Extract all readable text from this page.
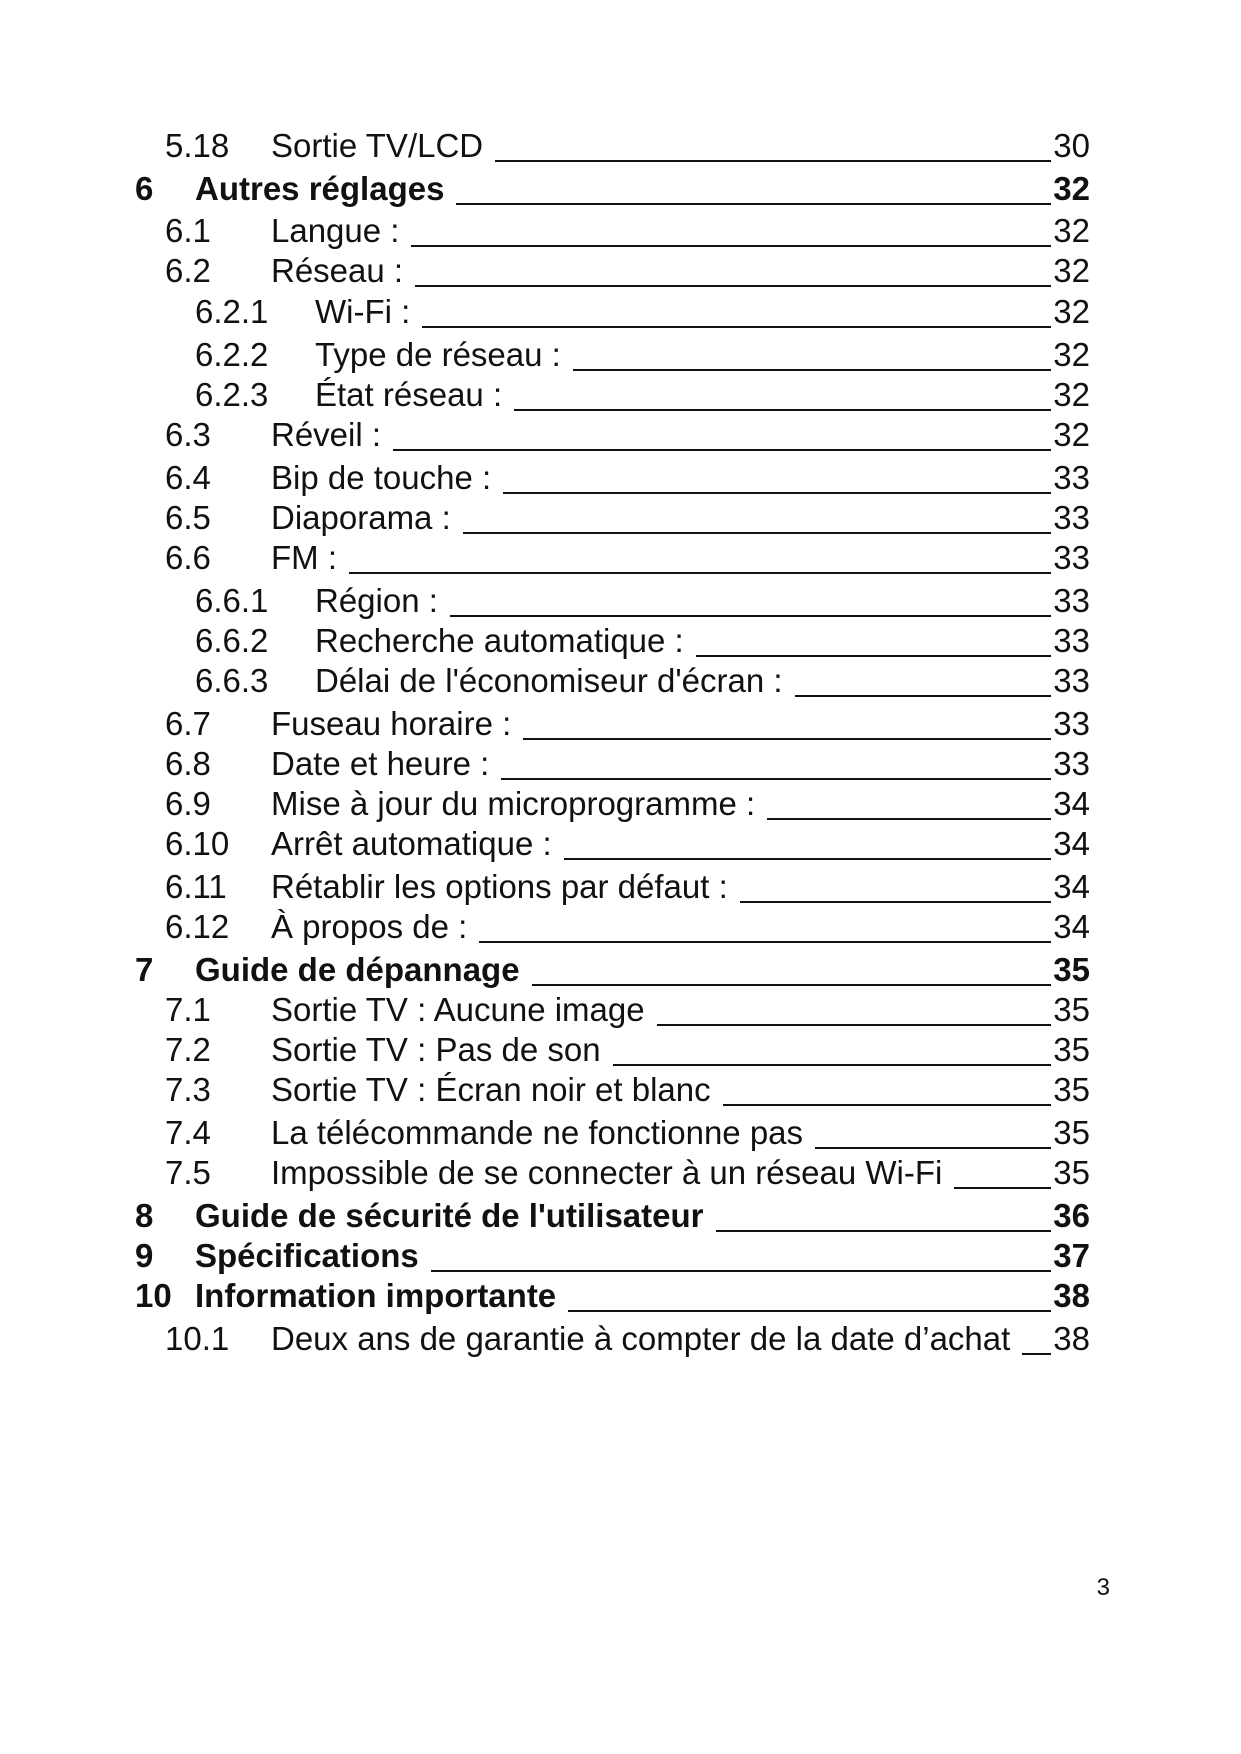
5.18 Sortie TV/LCD	30
6 Autres réglages	32
6.1 Langue :	32
6.2 Réseau :	32
6.2.1 Wi-Fi :	32
6.2.2 Type de réseau :	32
6.2.3 État réseau :	32
6.3 Réveil :	32
6.4 Bip de touche :	33
6.5 Diaporama :	33
6.6 FM :	33
6.6.1 Région :	33
6.6.2 Recherche automatique :	33
6.6.3 Délai de l'économiseur d'écran :	33
6.7 Fuseau horaire :	33
6.8 Date et heure :	33
6.9 Mise à jour du microprogramme :	34
6.10 Arrêt automatique :	34
6.11 Rétablir les options par défaut :	34
6.12 À propos de :	34
7 Guide de dépannage	35
7.1 Sortie TV : Aucune image	35
7.2 Sortie TV : Pas de son	35
7.3 Sortie TV : Écran noir et blanc	35
7.4 La télécommande ne fonctionne pas	35
7.5 Impossible de se connecter à un réseau Wi-Fi	35
8 Guide de sécurité de l'utilisateur	36
9 Spécifications	37
10 Information importante	38
10.1 Deux ans de garantie à compter de la date d’achat 38
3
